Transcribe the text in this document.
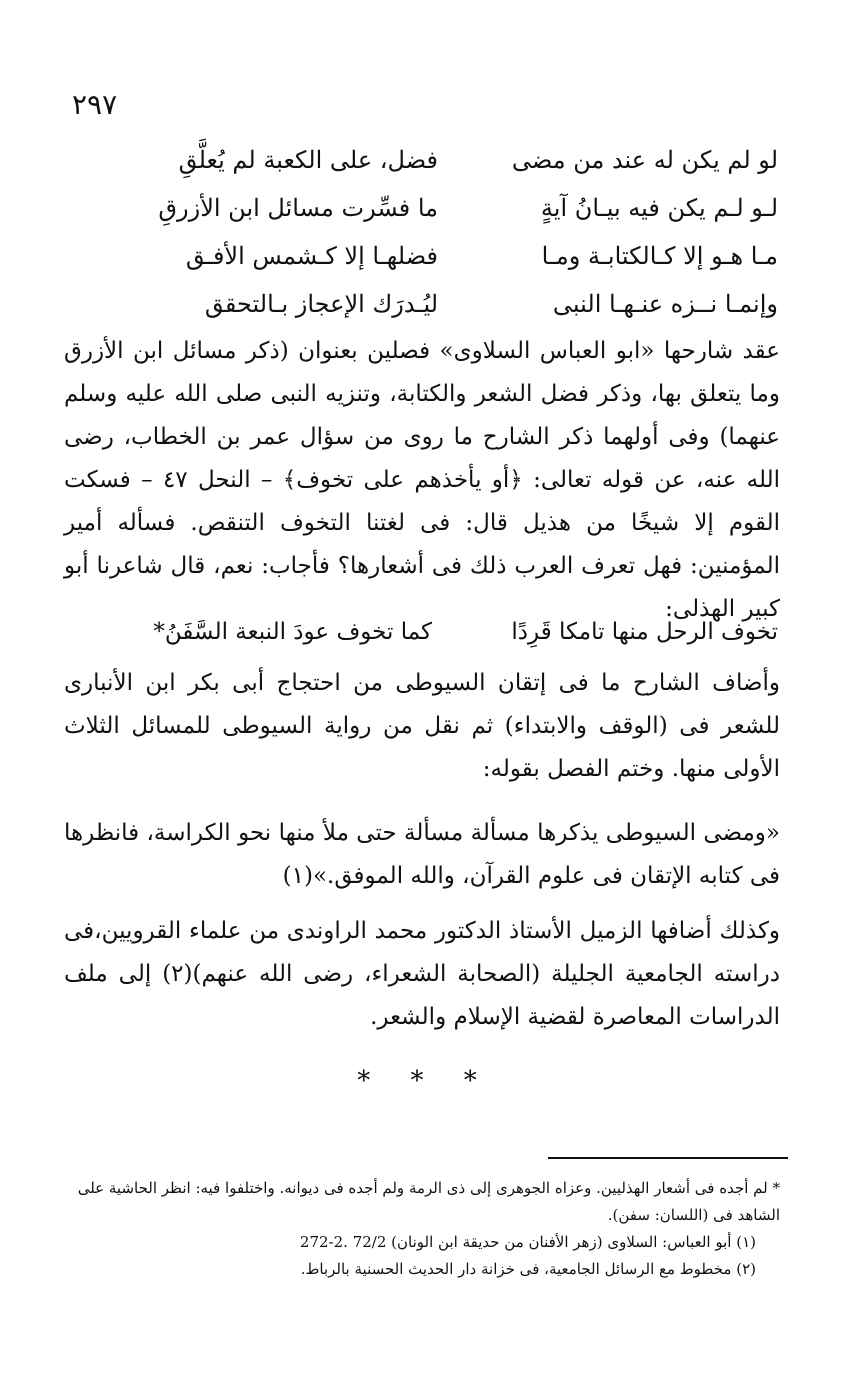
٢٩٧
لو لم يكن له عند من مضى
فضل، على الكعبة لم يُعلَّقِ
لـو لـم يكن فيه بيـانُ آيةٍ
ما فسِّرت مسائل ابن الأزرقِ
مـا هـو إلا كـالكتابـة ومـا
فضلهـا إلا كـشمس الأفـق
وإنمـا نــزه عنـهـا النبى
ليُـدرَك الإعجاز بـالتحقق

عقد شارحها «ابو العباس السلاوى» فصلين بعنوان (ذكر مسائل ابن الأزرق وما يتعلق بها، وذكر فضل الشعر والكتابة، وتنزيه النبى صلى الله عليه وسلم عنهما) وفى أولهما ذكر الشارح ما روى من سؤال عمر بن الخطاب، رضى الله عنه، عن قوله تعالى: ﴿أو يأخذهم على تخوف﴾ – النحل ٤٧ – فسكت القوم إلا شيخًا من هذيل قال: فى لغتنا التخوف التنقص. فسأله أمير المؤمنين: فهل تعرف العرب ذلك فى أشعارها؟ فأجاب: نعم، قال شاعرنا أبو كبير الهذلى:

تخوف الرحل منها تامكا قَرِدًا
كما تخوف عودَ النبعة السَّفَنُ*

وأضاف الشارح ما فى إتقان السيوطى من احتجاج أبى بكر ابن الأنبارى للشعر فى (الوقف والابتداء) ثم نقل من رواية السيوطى للمسائل الثلاث الأولى منها. وختم الفصل بقوله:

«ومضى السيوطى يذكرها مسألة مسألة حتى ملأ منها نحو الكراسة، فانظرها فى كتابه الإتقان فى علوم القرآن، والله الموفق.»(١)

وكذلك أضافها الزميل الأستاذ الدكتور محمد الراوندى من علماء القرويين،فى دراسته الجامعية الجليلة (الصحابة الشعراء، رضى الله عنهم)(٢) إلى ملف الدراسات المعاصرة لقضية الإسلام والشعر.

* * *

* لم أجده فى أشعار الهذليين. وعزاه الجوهرى إلى ذى الرمة ولم أجده فى ديوانه. واختلفوا فيه: انظر الحاشية على الشاهد فى (اللسان: سفن).

(١) أبو العباس: السلاوى (زهر الأفنان من حديقة ابن الونان) 72/2 .2-272

(٢) مخطوط مع الرسائل الجامعية، فى خزانة دار الحديث الحسنية بالرباط.
